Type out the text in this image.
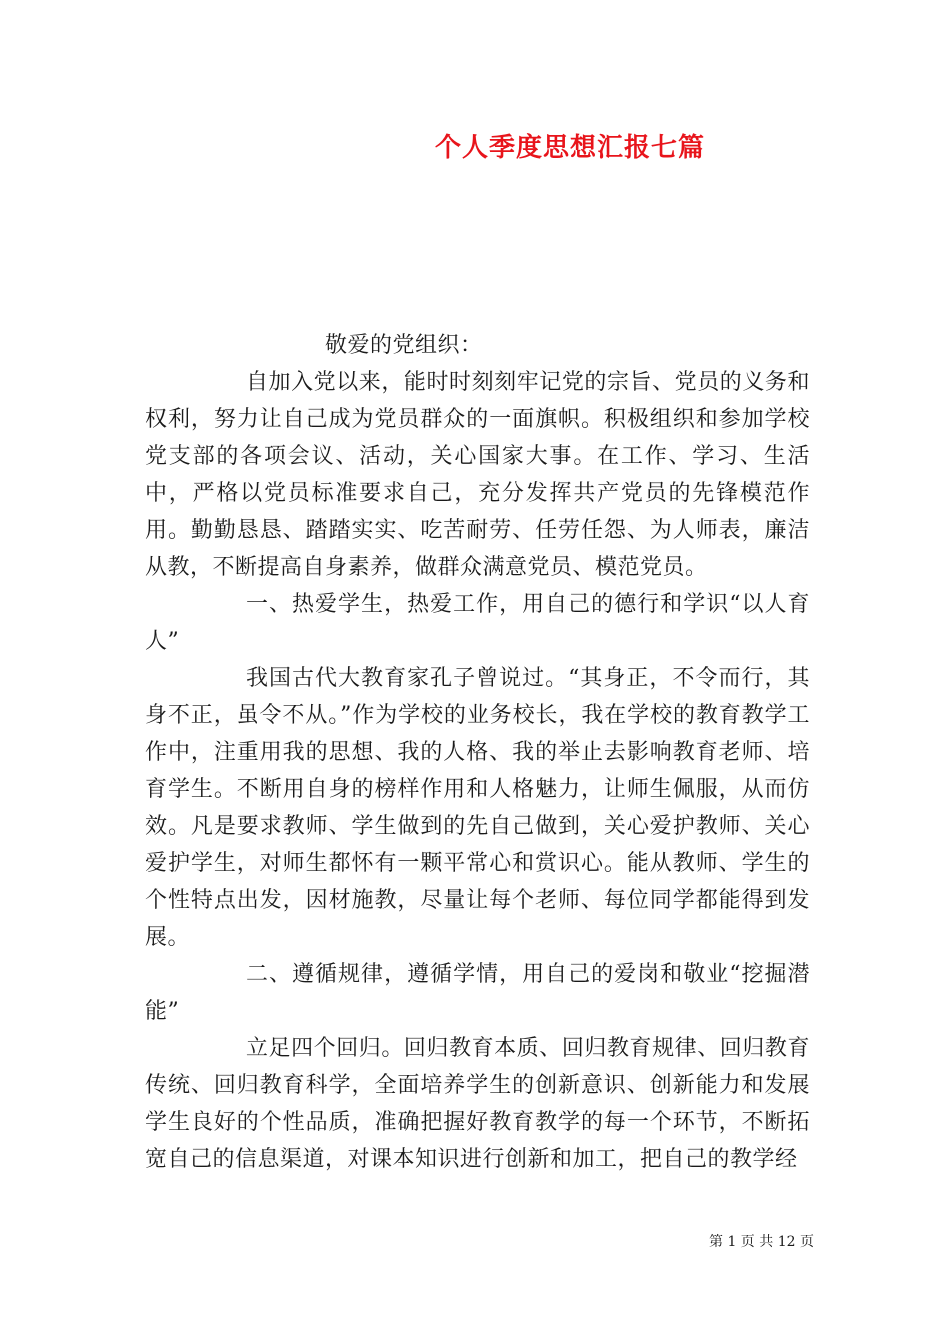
个人季度思想汇报七篇

敬爱的党组织：

自加入党以来，能时时刻刻牢记党的宗旨、党员的义务和权利，努力让自己成为党员群众的一面旗帜。积极组织和参加学校党支部的各项会议、活动，关心国家大事。在工作、学习、生活中，严格以党员标准要求自己，充分发挥共产党员的先锋模范作用。勤勤恳恳、踏踏实实、吃苦耐劳、任劳任怨、为人师表，廉洁从教，不断提高自身素养，做群众满意党员、模范党员。

一、热爱学生，热爱工作，用自己的德行和学识“以人育人”

我国古代大教育家孔子曾说过。“其身正，不令而行，其身不正，虽令不从。”作为学校的业务校长，我在学校的教育教学工作中，注重用我的思想、我的人格、我的举止去影响教育老师、培育学生。不断用自身的榜样作用和人格魅力，让师生佩服，从而仿效。凡是要求教师、学生做到的先自己做到，关心爱护教师、关心爱护学生，对师生都怀有一颗平常心和赏识心。能从教师、学生的个性特点出发，因材施教，尽量让每个老师、每位同学都能得到发展。

二、遵循规律，遵循学情，用自己的爱岗和敬业“挖掘潜能”

立足四个回归。回归教育本质、回归教育规律、回归教育传统、回归教育科学，全面培养学生的创新意识、创新能力和发展学生良好的个性品质，准确把握好教育教学的每一个环节，不断拓宽自己的信息渠道，对课本知识进行创新和加工，把自己的教学经

第 1 页 共 12 页
